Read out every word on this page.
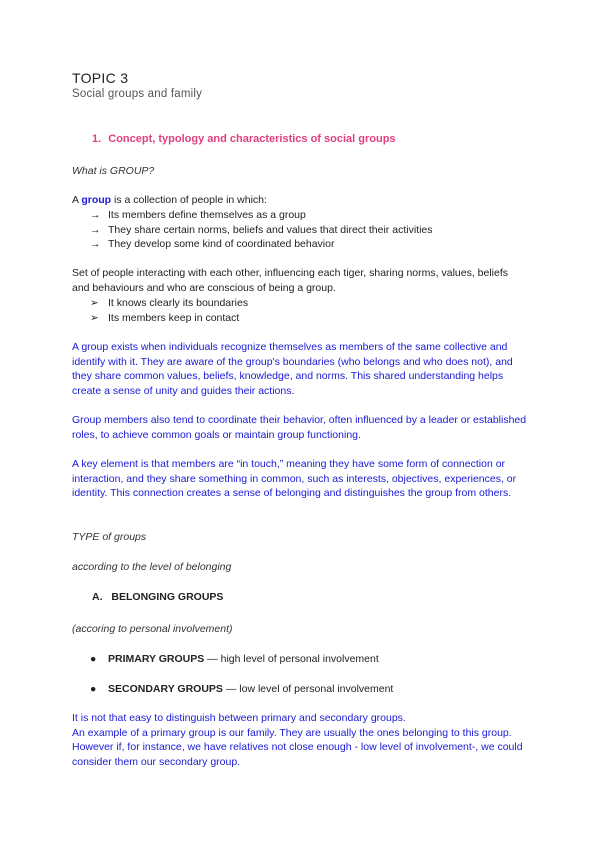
TOPIC 3
Social groups and family
1. Concept, typology and characteristics of social groups
What is GROUP?
A group is a collection of people in which:
→ Its members define themselves as a group
→ They share certain norms, beliefs and values that direct their activities
→ They develop some kind of coordinated behavior
Set of people interacting with each other, influencing each tiger, sharing norms, values, beliefs and behaviours and who are conscious of being a group.
➢ It knows clearly its boundaries
➢ Its members keep in contact
A group exists when individuals recognize themselves as members of the same collective and identify with it. They are aware of the group's boundaries (who belongs and who does not), and they share common values, beliefs, knowledge, and norms. This shared understanding helps create a sense of unity and guides their actions.
Group members also tend to coordinate their behavior, often influenced by a leader or established roles, to achieve common goals or maintain group functioning.
A key element is that members are “in touch,” meaning they have some form of connection or interaction, and they share something in common, such as interests, objectives, experiences, or identity. This connection creates a sense of belonging and distinguishes the group from others.
TYPE of groups
according to the level of belonging
A. BELONGING GROUPS
(accoring to personal involvement)
● PRIMARY GROUPS — high level of personal involvement
● SECONDARY GROUPS — low level of personal involvement
It is not that easy to distinguish between primary and secondary groups.
An example of a primary group is our family. They are usually the ones belonging to this group. However if, for instance, we have relatives not close enough - low level of involvement-, we could consider them our secondary group.
